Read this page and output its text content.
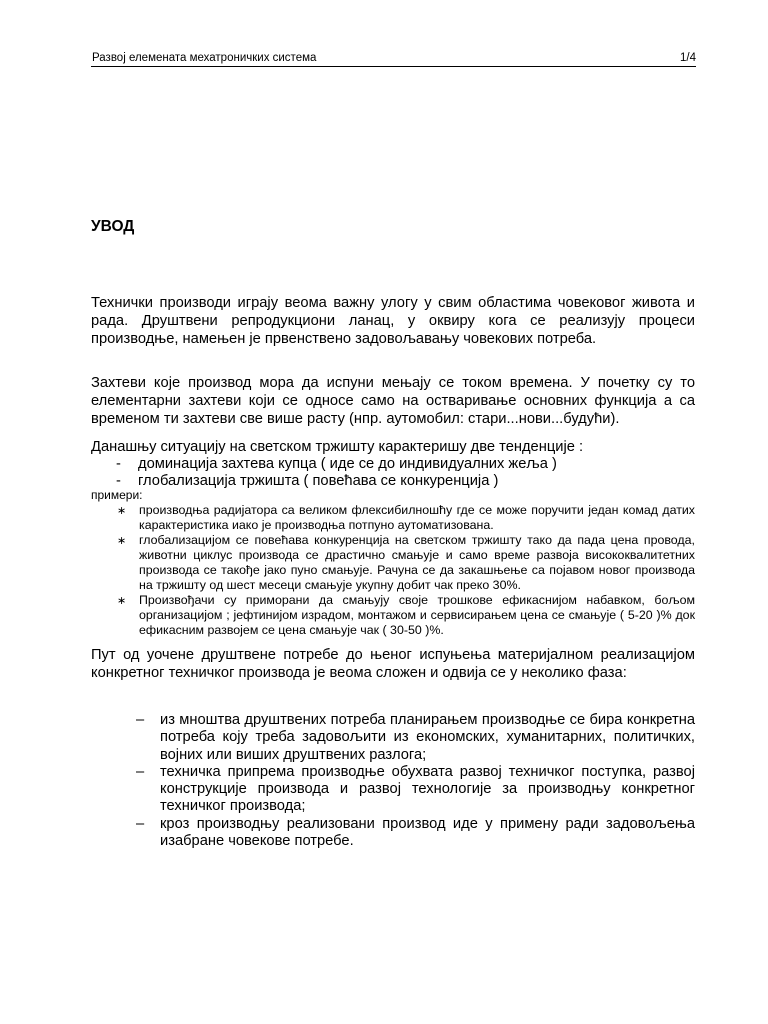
Развој елемената мехатроничких система	1/4
УВОД

Технички производи играју веома важну улогу у свим областима човековог живота и рада. Друштвени репродукциони ланац, у оквиру кога се реализују процеси производње, намењен је првенствено задовољавању човекових потреба.

Захтеви које производ мора да испуни мењају се током времена. У почетку су то елементарни захтеви који се односе само на остваривање основних функција а са временом ти захтеви све више расту (нпр. аутомобил: стари...нови...будући).

Данашњу ситуацију на светском тржишту карактеришу две тенденције :

- доминација захтева купца ( иде се до индивидуалних жеља )
- глобализација тржишта ( повећава се конкуренција )

примери:

∗ производња радијатора са великом флексибилношћу где се може поручити један комад датих карактеристика иако је производња потпуно аутоматизована.
∗ глобализацијом се повећава конкуренција на светском тржишту тако да пада цена провода, животни циклус производа се драстично смањује и само време развоја висококвалитетних производа се такође јако пуно смањује. Рачуна се да закашњење са појавом новог производа на тржишту од шест месеци смањује укупну добит чак преко 30%.
∗ Произвођачи су приморани да смањују своје трошкове ефикаснијом набавком, бољом организацијом ; јефтинијом израдом, монтажом и сервисирањем цена се смањује ( 5-20 )% док ефикасним развојем се цена смањује чак ( 30-50 )%.

Пут од уочене друштвене потребе до њеног испуњења материјалном реализацијом конкретног техничког производа је веома сложен и одвија се у неколико фаза:

– из мноштва друштвених потреба планирањем производње се бира конкретна потреба коју треба задовољити из економских, хуманитарних, политичких, војних или виших друштвених разлога;
– техничка припрема производње обухвата развој техничког поступка, развој конструкције производа и развој технологије за производњу конкретног техничког производа;
– кроз производњу реализовани производ иде у примену ради задовољења изабране човекове потребе.
